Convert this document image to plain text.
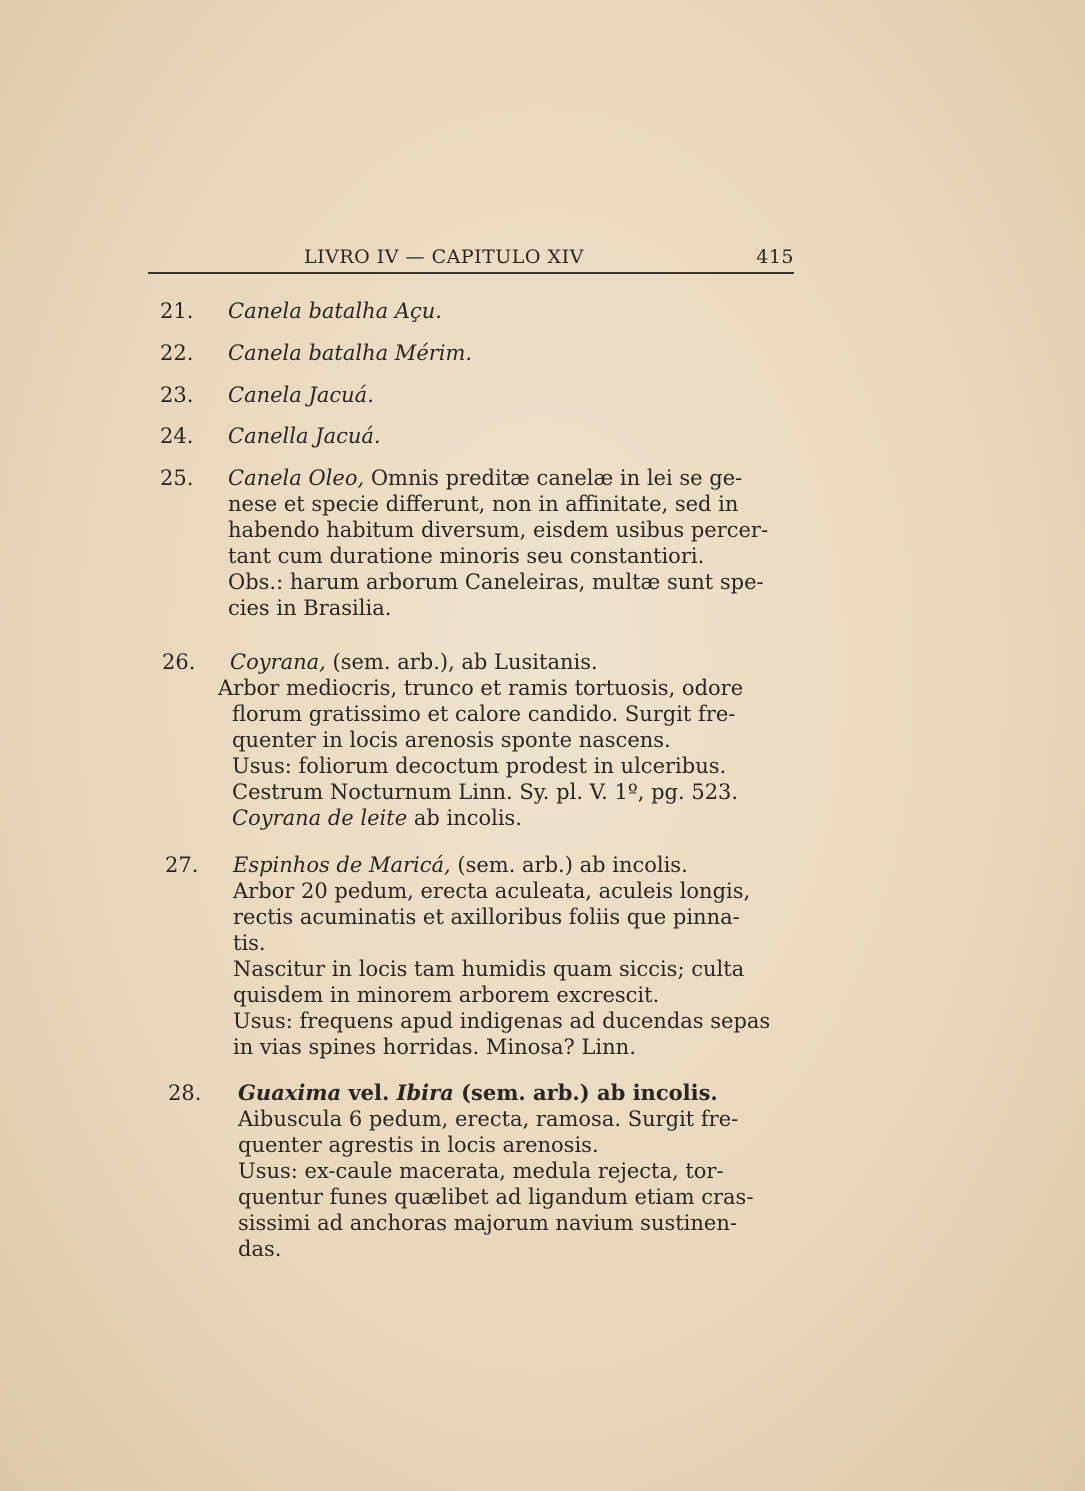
LIVRO IV — CAPITULO XIV	415
21. Canela batalha Açu.
22. Canela batalha Mérim.
23. Canela Jacuá.
24. Canella Jacuá.
25. Canela Oleo, Omnis preditæ canelæ in lei se ge-
nese et specie differunt, non in affinitate, sed in
habendo habitum diversum, eisdem usibus percer-
tant cum duratione minoris seu constantiori.
Obs.: harum arborum Caneleiras, multæ sunt spe-
cies in Brasilia.
26. Coyrana, (sem. arb.), ab Lusitanis.
Arbor mediocris, trunco et ramis tortuosis, odore
florum gratissimo et calore candido. Surgit fre-
quenter in locis arenosis sponte nascens.
Usus: foliorum decoctum prodest in ulceribus.
Cestrum Nocturnum Linn. Sy. pl. V. 1º, pg. 523.
Coyrana de leite ab incolis.
27. Espinhos de Maricá, (sem. arb.) ab incolis.
Arbor 20 pedum, erecta aculeata, aculeis longis,
rectis acuminatis et axilloribus foliis que pinna-
tis.
Nascitur in locis tam humidis quam siccis; culta
quisdem in minorem arborem excrescit.
Usus: frequens apud indigenas ad ducendas sepas
in vias spines horridas. Minosa? Linn.
28. Guaxima vel. Ibira (sem. arb.) ab incolis.
Aibuscula 6 pedum, erecta, ramosa. Surgit fre-
quenter agrestis in locis arenosis.
Usus: ex-caule macerata, medula rejecta, tor-
quentur funes quælibet ad ligandum etiam cras-
sissimi ad anchoras majorum navium sustinen-
das.
